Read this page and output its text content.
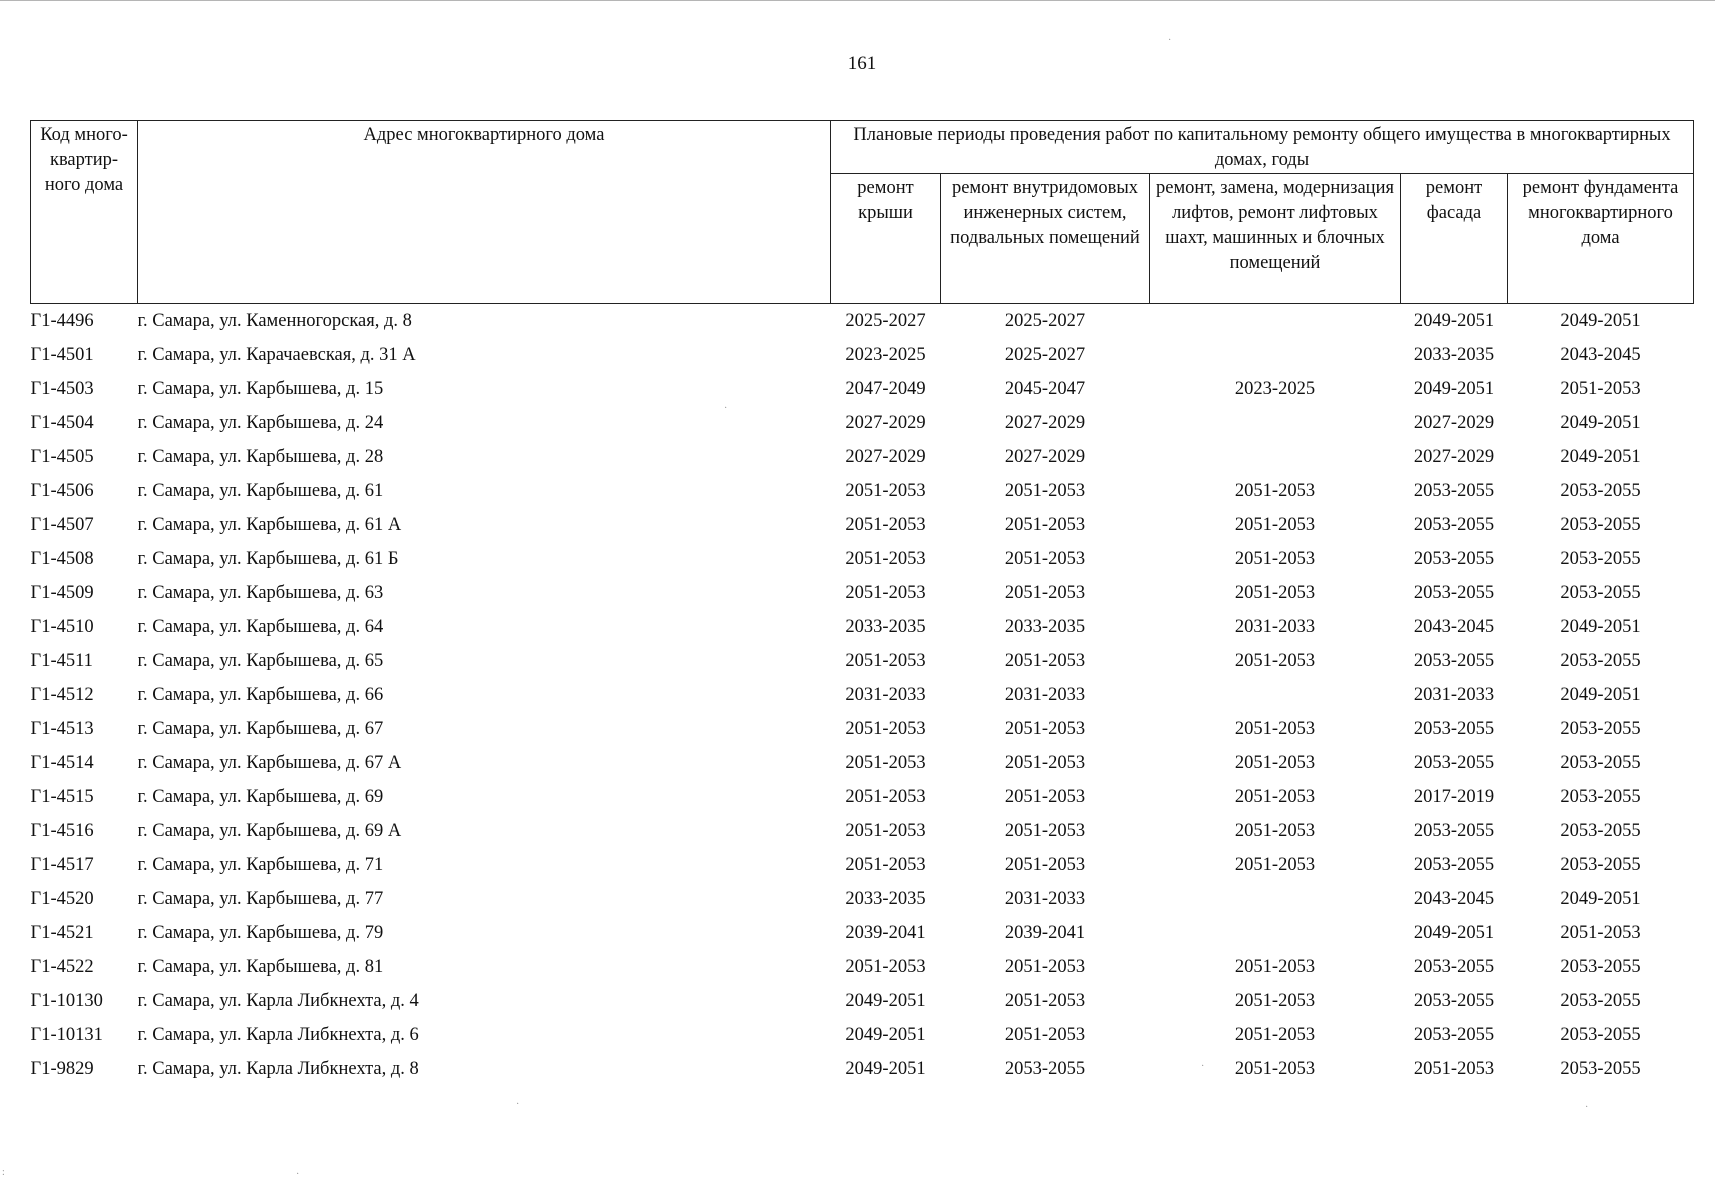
161
Код много-квартир-ного дома	Адрес многоквартирного дома	Плановые периоды проведения работ по капитальному ремонту общего имущества в многоквартирных домах, годы				
		ремонт крыши	ремонт внутридомовых инженерных систем, подвальных помещений	ремонт, замена, модернизация лифтов, ремонт лифтовых шахт, машинных и блочных помещений	ремонт фасада	ремонт фундамента многоквартирного дома
Г1-4496	г. Самара, ул. Каменногорская, д. 8	2025-2027	2025-2027		2049-2051	2049-2051
Г1-4501	г. Самара, ул. Карачаевская, д. 31 А	2023-2025	2025-2027		2033-2035	2043-2045
Г1-4503	г. Самара, ул. Карбышева, д. 15	2047-2049	2045-2047	2023-2025	2049-2051	2051-2053
Г1-4504	г. Самара, ул. Карбышева, д. 24	2027-2029	2027-2029		2027-2029	2049-2051
Г1-4505	г. Самара, ул. Карбышева, д. 28	2027-2029	2027-2029		2027-2029	2049-2051
Г1-4506	г. Самара, ул. Карбышева, д. 61	2051-2053	2051-2053	2051-2053	2053-2055	2053-2055
Г1-4507	г. Самара, ул. Карбышева, д. 61 А	2051-2053	2051-2053	2051-2053	2053-2055	2053-2055
Г1-4508	г. Самара, ул. Карбышева, д. 61 Б	2051-2053	2051-2053	2051-2053	2053-2055	2053-2055
Г1-4509	г. Самара, ул. Карбышева, д. 63	2051-2053	2051-2053	2051-2053	2053-2055	2053-2055
Г1-4510	г. Самара, ул. Карбышева, д. 64	2033-2035	2033-2035	2031-2033	2043-2045	2049-2051
Г1-4511	г. Самара, ул. Карбышева, д. 65	2051-2053	2051-2053	2051-2053	2053-2055	2053-2055
Г1-4512	г. Самара, ул. Карбышева, д. 66	2031-2033	2031-2033		2031-2033	2049-2051
Г1-4513	г. Самара, ул. Карбышева, д. 67	2051-2053	2051-2053	2051-2053	2053-2055	2053-2055
Г1-4514	г. Самара, ул. Карбышева, д. 67 А	2051-2053	2051-2053	2051-2053	2053-2055	2053-2055
Г1-4515	г. Самара, ул. Карбышева, д. 69	2051-2053	2051-2053	2051-2053	2017-2019	2053-2055
Г1-4516	г. Самара, ул. Карбышева, д. 69 А	2051-2053	2051-2053	2051-2053	2053-2055	2053-2055
Г1-4517	г. Самара, ул. Карбышева, д. 71	2051-2053	2051-2053	2051-2053	2053-2055	2053-2055
Г1-4520	г. Самара, ул. Карбышева, д. 77	2033-2035	2031-2033		2043-2045	2049-2051
Г1-4521	г. Самара, ул. Карбышева, д. 79	2039-2041	2039-2041		2049-2051	2051-2053
Г1-4522	г. Самара, ул. Карбышева, д. 81	2051-2053	2051-2053	2051-2053	2053-2055	2053-2055
Г1-10130	г. Самара, ул. Карла Либкнехта, д. 4	2049-2051	2051-2053	2051-2053	2053-2055	2053-2055
Г1-10131	г. Самара, ул. Карла Либкнехта, д. 6	2049-2051	2051-2053	2051-2053	2053-2055	2053-2055
Г1-9829	г. Самара, ул. Карла Либкнехта, д. 8	2049-2051	2053-2055	2051-2053	2051-2053	2053-2055
·
·
·
·
·
·
:
